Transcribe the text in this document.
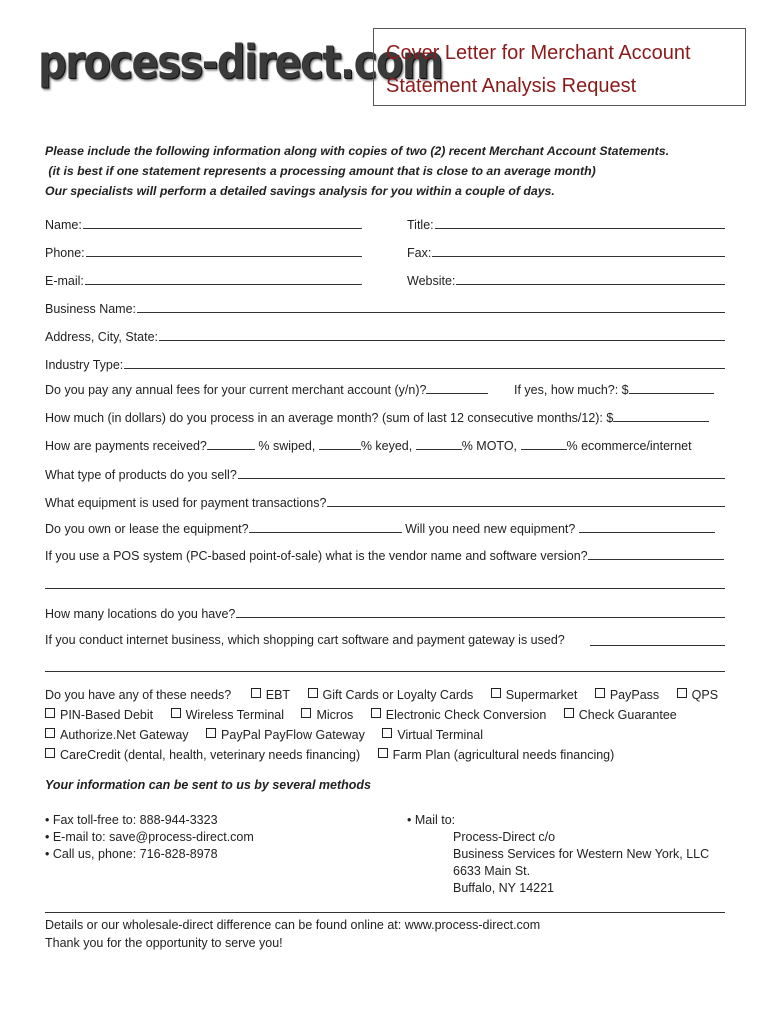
process-direct.com
Cover Letter for Merchant Account
Statement Analysis Request
Please include the following information along with copies of two (2) recent Merchant Account Statements.
(it is best if one statement represents a processing amount that is close to an average month)
Our specialists will perform a detailed savings analysis for you within a couple of days.
Name:	Title:
Phone:	Fax:
E-mail:	Website:
Business Name:
Address, City, State:
Industry Type:
Do you pay any annual fees for your current merchant account (y/n)?	If yes, how much?: $
How much (in dollars) do you process in an average month? (sum of last 12 consecutive months/12): $
How are payments received?	% swiped,	% keyed,	% MOTO,	% ecommerce/internet
What type of products do you sell?
What equipment is used for payment transactions?
Do you own or lease the equipment?	Will you need new equipment?
If you use a POS system (PC-based point-of-sale) what is the vendor name and software version?
How many locations do you have?
If you conduct internet business, which shopping cart software and payment gateway is used?
Do you have any of these needs?	EBT	Gift Cards or Loyalty Cards	Supermarket	PayPass	QPS
PIN-Based Debit	Wireless Terminal	Micros	Electronic Check Conversion	Check Guarantee
Authorize.Net Gateway	PayPal PayFlow Gateway	Virtual Terminal
CareCredit (dental, health, veterinary needs financing)	Farm Plan (agricultural needs financing)
Your information can be sent to us by several methods
• Fax toll-free to: 888-944-3323
• E-mail to: save@process-direct.com
• Call us, phone: 716-828-8978
• Mail to:
Process-Direct c/o
Business Services for Western New York, LLC
6633 Main St.
Buffalo, NY 14221
Details or our wholesale-direct difference can be found online at: www.process-direct.com
Thank you for the opportunity to serve you!
